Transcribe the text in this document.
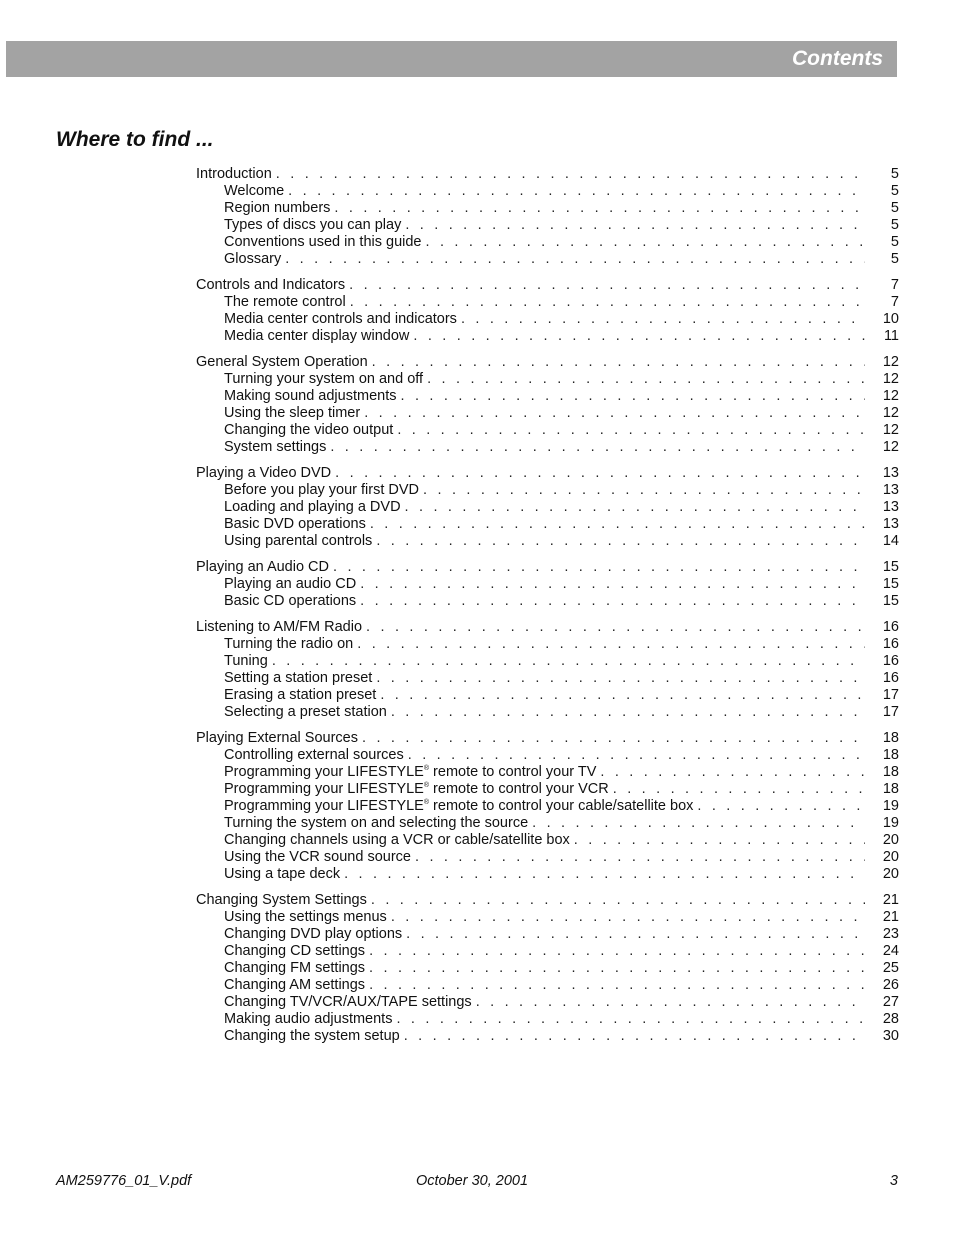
Contents
Where to find ...
Introduction . . .	5
Welcome . . .	5
Region numbers . . .	5
Types of discs you can play . . .	5
Conventions used in this guide . . .	5
Glossary . . .	5
Controls and Indicators . . .	7
The remote control . . .	7
Media center controls and indicators . . .	10
Media center display window . . .	11
General System Operation . . .	12
Turning your system on and off . . .	12
Making sound adjustments . . .	12
Using the sleep timer . . .	12
Changing the video output . . .	12
System settings . . .	12
Playing a Video DVD . . .	13
Before you play your first DVD . . .	13
Loading and playing a DVD . . .	13
Basic DVD operations . . .	13
Using parental controls . . .	14
Playing an Audio CD . . .	15
Playing an audio CD . . .	15
Basic CD operations . . .	15
Listening to AM/FM Radio . . .	16
Turning the radio on . . .	16
Tuning . . .	16
Setting a station preset . . .	16
Erasing a station preset . . .	17
Selecting a preset station . . .	17
Playing External Sources . . .	18
Controlling external sources . . .	18
Programming your LIFESTYLE® remote to control your TV . . .	18
Programming your LIFESTYLE® remote to control your VCR . . .	18
Programming your LIFESTYLE® remote to control your cable/satellite box . . .	19
Turning the system on and selecting the source . . .	19
Changing channels using a VCR or cable/satellite box . . .	20
Using the VCR sound source . . .	20
Using a tape deck . . .	20
Changing System Settings . . .	21
Using the settings menus . . .	21
Changing DVD play options . . .	23
Changing CD settings . . .	24
Changing FM settings . . .	25
Changing AM settings . . .	26
Changing TV/VCR/AUX/TAPE settings . . .	27
Making audio adjustments . . .	28
Changing the system setup . . .	30
AM259776_01_V.pdf	October 30, 2001	3
